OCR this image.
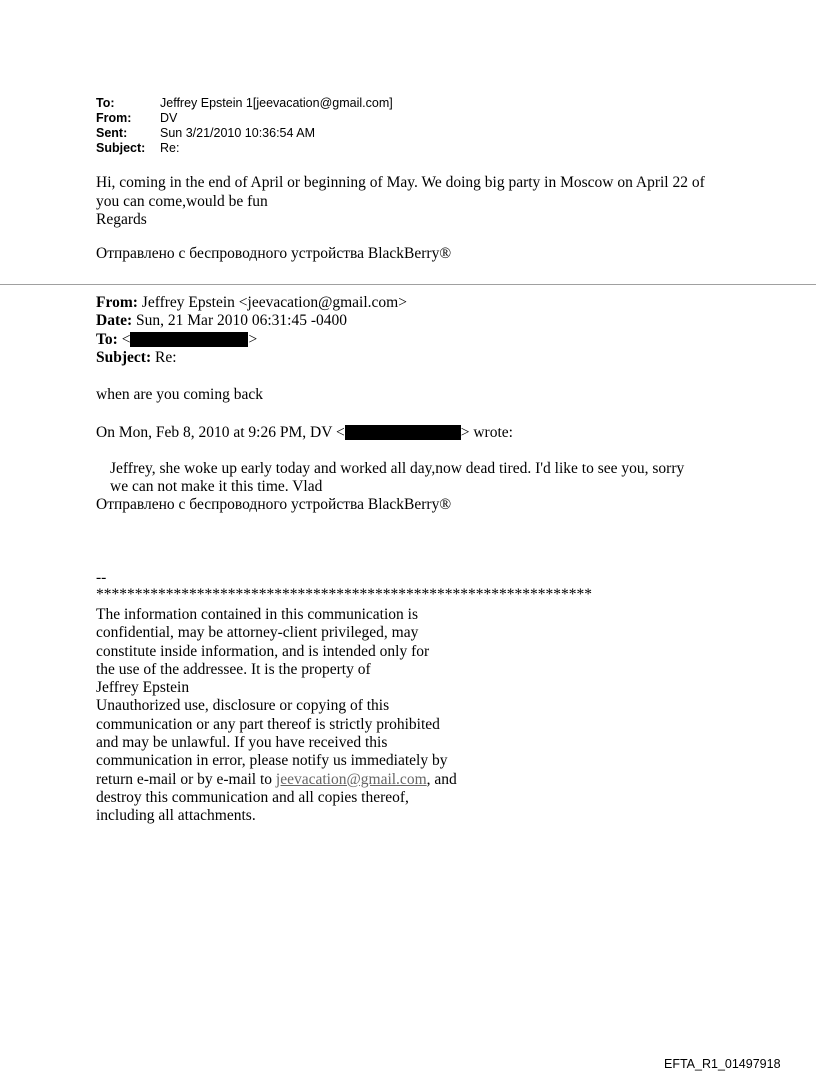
To:	Jeffrey Epstein 1[jeevacation@gmail.com]
From:	DV
Sent:	Sun 3/21/2010 10:36:54 AM
Subject:	Re:
Hi, coming in the end of April or beginning of May. We doing big party in Moscow on April 22 of
you can come,would be fun
Regards
Отправлено с беспроводного устройства BlackBerry®
From: Jeffrey Epstein <jeevacation@gmail.com>
Date: Sun, 21 Mar 2010 06:31:45 -0400
To: <	>
Subject: Re:
when are you coming back
On Mon, Feb 8, 2010 at 9:26 PM, DV <	> wrote:
Jeffrey, she woke up early today and worked all day,now dead tired. I'd like to see you, sorry
we can not make it this time. Vlad
Отправлено с беспроводного устройства BlackBerry®
--
****************************************************************
The information contained in this communication is
confidential, may be attorney-client privileged, may
constitute inside information, and is intended only for
the use of the addressee. It is the property of
Jeffrey Epstein
Unauthorized use, disclosure or copying of this
communication or any part thereof is strictly prohibited
and may be unlawful. If you have received this
communication in error, please notify us immediately by
return e-mail or by e-mail to jeevacation@gmail.com, and
destroy this communication and all copies thereof,
including all attachments.
EFTA_R1_01497918
